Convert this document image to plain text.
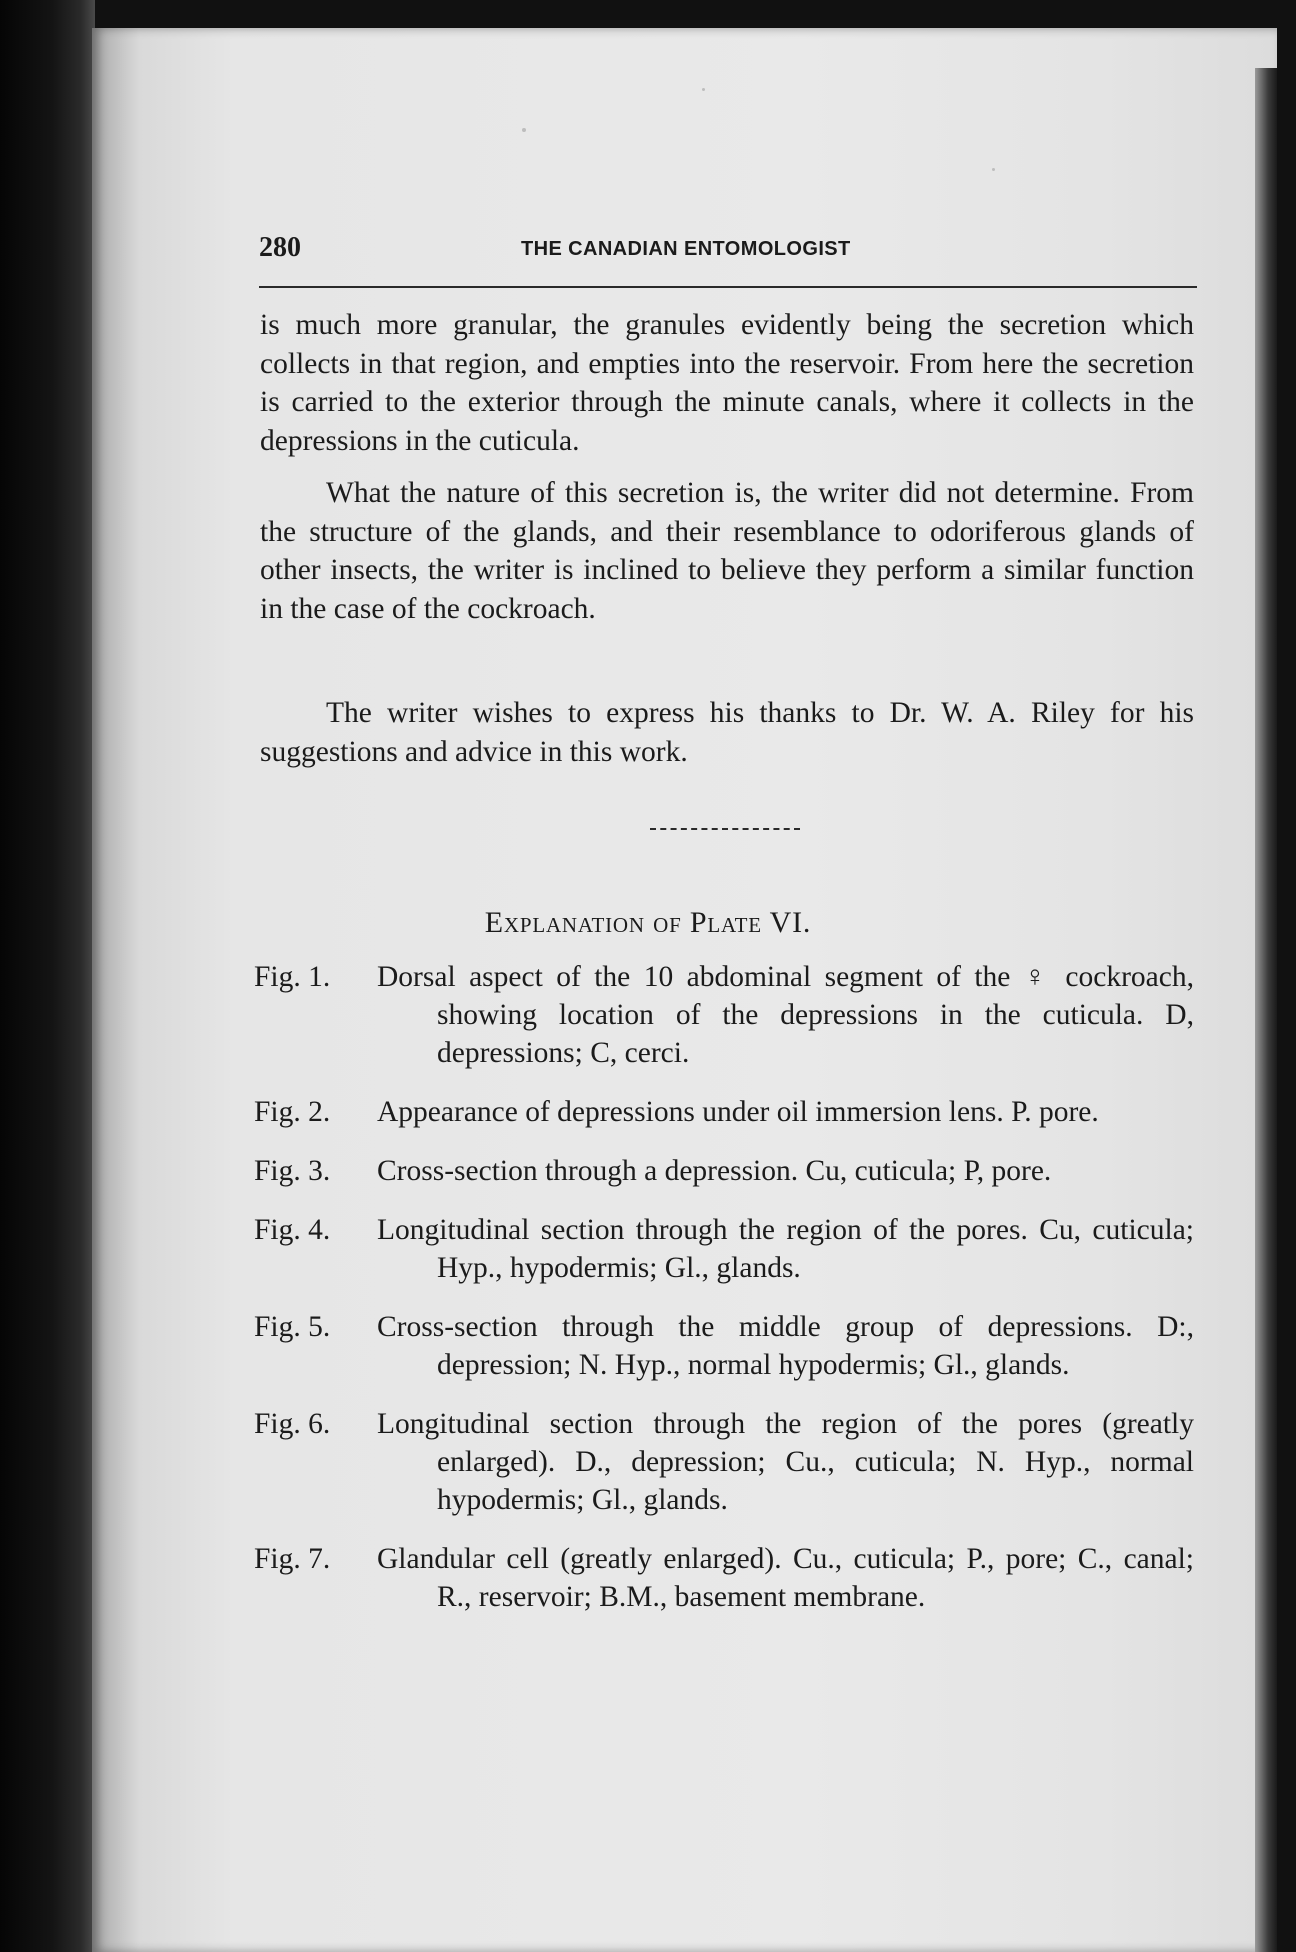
280	THE CANADIAN ENTOMOLOGIST

is much more granular, the granules evidently being the secretion which collects in that region, and empties into the reservoir. From here the secretion is carried to the exterior through the minute canals, where it collects in the depressions in the cuticula.

What the nature of this secretion is, the writer did not determine. From the structure of the glands, and their resemblance to odoriferous glands of other insects, the writer is inclined to believe they perform a similar function in the case of the cockroach.

The writer wishes to express his thanks to Dr. W. A. Riley for his suggestions and advice in this work.

Explanation of Plate VI.
Fig. 1.	Dorsal aspect of the 10 abdominal segment of the ♀ cockroach, showing location of the depressions in the cuticula. D, depressions; C, cerci.
Fig. 2.	Appearance of depressions under oil immersion lens. P. pore.
Fig. 3.	Cross-section through a depression. Cu, cuticula; P, pore.
Fig. 4.	Longitudinal section through the region of the pores. Cu, cuticula; Hyp., hypodermis; Gl., glands.
Fig. 5.	Cross-section through the middle group of depressions. D:, depression; N. Hyp., normal hypodermis; Gl., glands.
Fig. 6.	Longitudinal section through the region of the pores (greatly enlarged). D., depression; Cu., cuticula; N. Hyp., normal hypodermis; Gl., glands.
Fig. 7.	Glandular cell (greatly enlarged). Cu., cuticula; P., pore; C., canal; R., reservoir; B.M., basement membrane.
